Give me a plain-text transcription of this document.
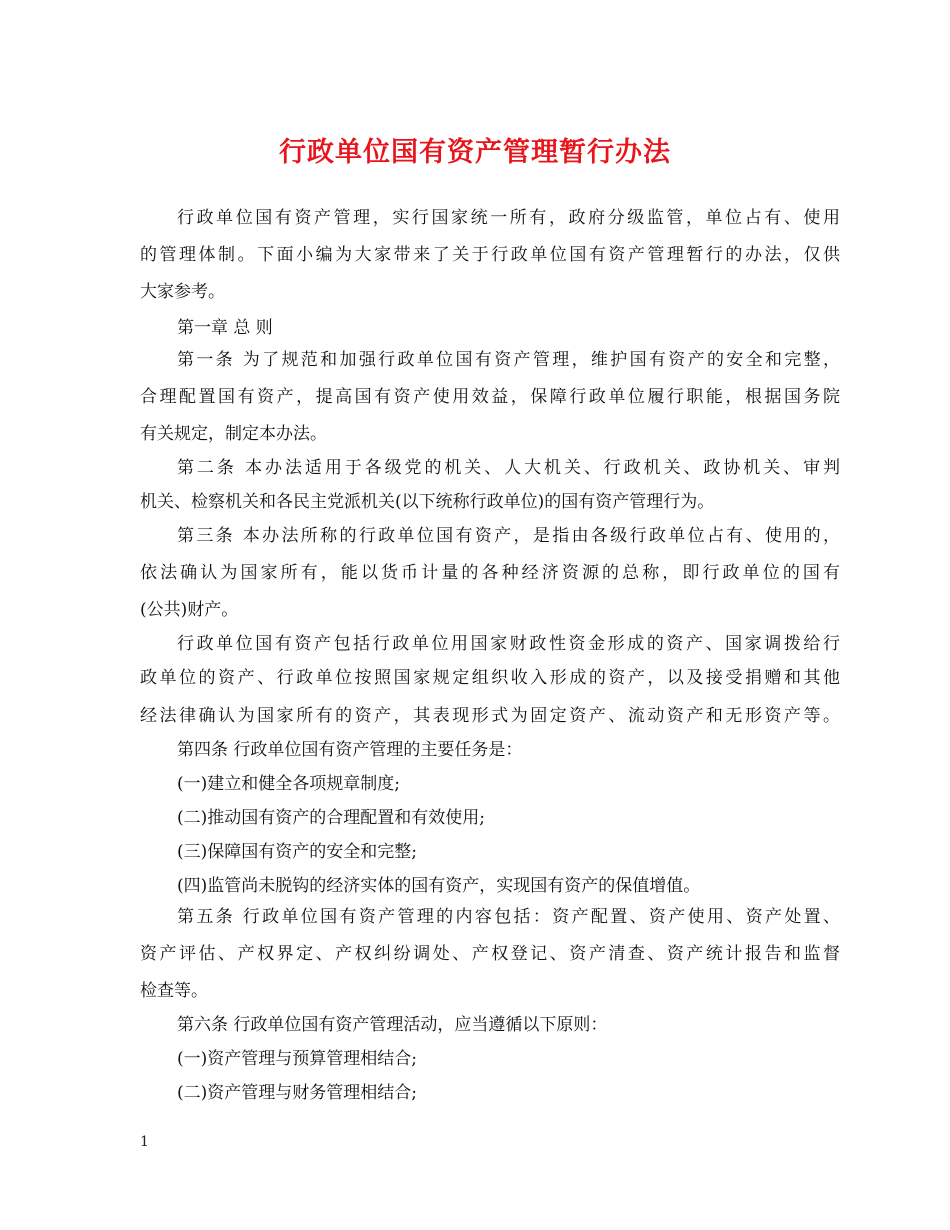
行政单位国有资产管理暂行办法

行政单位国有资产管理，实行国家统一所有，政府分级监管，单位占有、使用

的管理体制。下面小编为大家带来了关于行政单位国有资产管理暂行的办法，仅供

大家参考。

第一章 总 则

第一条 为了规范和加强行政单位国有资产管理，维护国有资产的安全和完整，

合理配置国有资产，提高国有资产使用效益，保障行政单位履行职能，根据国务院

有关规定，制定本办法。

第二条 本办法适用于各级党的机关、人大机关、行政机关、政协机关、审判

机关、检察机关和各民主党派机关(以下统称行政单位)的国有资产管理行为。

第三条 本办法所称的行政单位国有资产，是指由各级行政单位占有、使用的，

依法确认为国家所有，能以货币计量的各种经济资源的总称，即行政单位的国有

(公共)财产。

行政单位国有资产包括行政单位用国家财政性资金形成的资产、国家调拨给行

政单位的资产、行政单位按照国家规定组织收入形成的资产，以及接受捐赠和其他

经法律确认为国家所有的资产，其表现形式为固定资产、流动资产和无形资产等。

第四条 行政单位国有资产管理的主要任务是：

(一)建立和健全各项规章制度;

(二)推动国有资产的合理配置和有效使用;

(三)保障国有资产的安全和完整;

(四)监管尚未脱钩的经济实体的国有资产，实现国有资产的保值增值。

第五条 行政单位国有资产管理的内容包括：资产配置、资产使用、资产处置、

资产评估、产权界定、产权纠纷调处、产权登记、资产清查、资产统计报告和监督

检查等。

第六条 行政单位国有资产管理活动，应当遵循以下原则：

(一)资产管理与预算管理相结合;

(二)资产管理与财务管理相结合;

1
